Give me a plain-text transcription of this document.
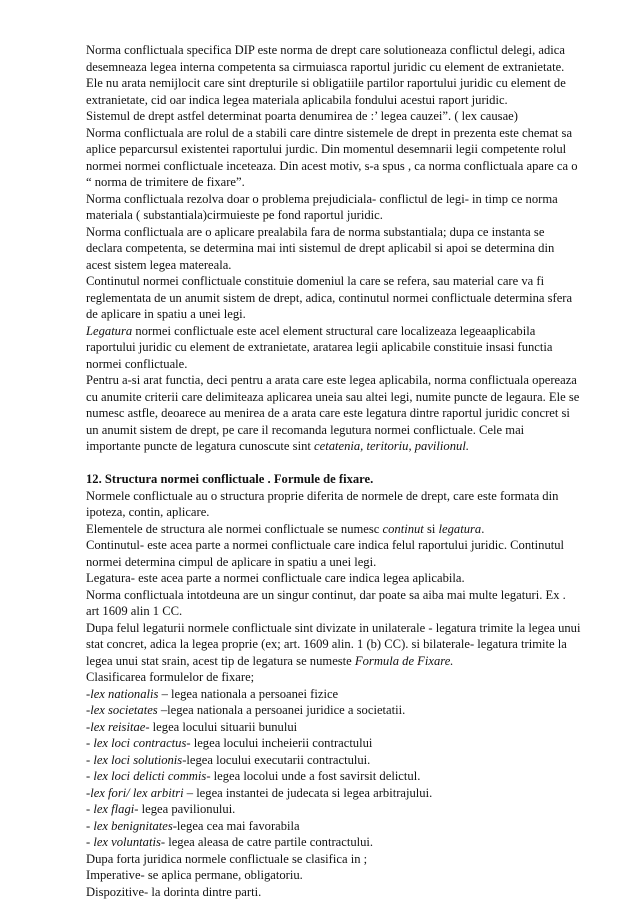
Norma conflictuala specifica DIP este norma de drept care solutioneaza conflictul delegi, adica
desemneaza legea interna competenta sa cirmuiasca raportul juridic cu element de extranietate.
Ele nu arata nemijlocit care sint drepturile si obligatiile partilor raportului juridic cu element de
extranietate, cid oar indica legea materiala aplicabila fondului acestui raport juridic.
Sistemul de drept astfel determinat poarta denumirea de :’ legea cauzei”. ( lex causae)
Norma conflictuala are rolul de a stabili care dintre sistemele de drept in prezenta este chemat sa
aplice peparcursul existentei raportului jurdic. Din momentul desemnarii legii competente rolul
normei normei conflictuale inceteaza. Din acest motiv, s-a spus , ca norma conflictuala apare ca o
“ norma de trimitere de fixare”.
Norma conflictuala rezolva doar o problema prejudiciala- conflictul de legi- in timp ce norma
materiala ( substantiala)cirmuieste pe fond raportul juridic.
Norma conflictuala are o aplicare prealabila fara de norma substantiala; dupa ce instanta se
declara competenta, se determina mai inti sistemul de drept aplicabil si apoi se determina din
acest sistem legea matereala.
Continutul normei conflictuale constituie domeniul la care se refera, sau material care va fi
reglementata de un anumit sistem de drept, adica, continutul normei conflictuale determina sfera
de aplicare in spatiu a unei legi.
Legatura normei conflictuale este acel element structural care localizeaza legeaaplicabila
raportului juridic cu element de extranietate, aratarea legii aplicabile constituie insasi functia
normei conflictuale.
Pentru a-si arat functia, deci pentru a arata care este legea aplicabila, norma conflictuala opereaza
cu anumite criterii care delimiteaza aplicarea uneia sau altei legi, numite puncte de legaura. Ele se
numesc astfle, deoarece au menirea de a arata care este legatura dintre raportul juridic concret si
un anumit sistem de drept, pe care il recomanda legutura normei conflictuale. Cele mai
importante puncte de legatura cunoscute sint cetatenia, teritoriu, pavilionul.
12. Structura normei conflictuale . Formule de fixare.
Normele conflictuale au o structura proprie diferita de normele de drept, care este formata din
ipoteza, contin, aplicare.
Elementele de structura ale normei conflictuale se numesc continut si legatura.
Continutul- este acea parte a normei conflictuale care indica felul raportului juridic. Continutul
normei determina cimpul de aplicare in spatiu a unei legi.
Legatura- este acea parte a normei conflictuale care indica legea aplicabila.
Norma conflictuala intotdeuna are un singur continut, dar poate sa aiba mai multe legaturi. Ex .
art 1609 alin 1 CC.
Dupa felul legaturii normele conflictuale sint divizate in unilaterale - legatura trimite la legea unui
stat concret, adica la legea proprie (ex; art. 1609 alin. 1 (b) CC). si bilaterale- legatura trimite la
legea unui stat srain, acest tip de legatura se numeste Formula de Fixare.
Clasificarea formulelor de fixare;
-lex nationalis – legea nationala a persoanei fizice
-lex societates –legea nationala a persoanei juridice a societatii.
-lex reisitae- legea locului situarii bunului
- lex loci contractus- legea locului incheierii contractului
- lex loci solutionis-legea locului executarii contractului.
- lex loci delicti commis- legea locolui unde a fost savirsit delictul.
-lex fori/ lex arbitri – legea instantei de judecata si legea arbitrajului.
- lex flagi- legea pavilionului.
- lex benignitates-legea cea mai favorabila
- lex voluntatis- legea aleasa de catre partile contractului.
Dupa forta juridica normele conflictuale se clasifica in ;
Imperative- se aplica permane, obligatoriu.
Dispozitive- la dorinta dintre parti.
